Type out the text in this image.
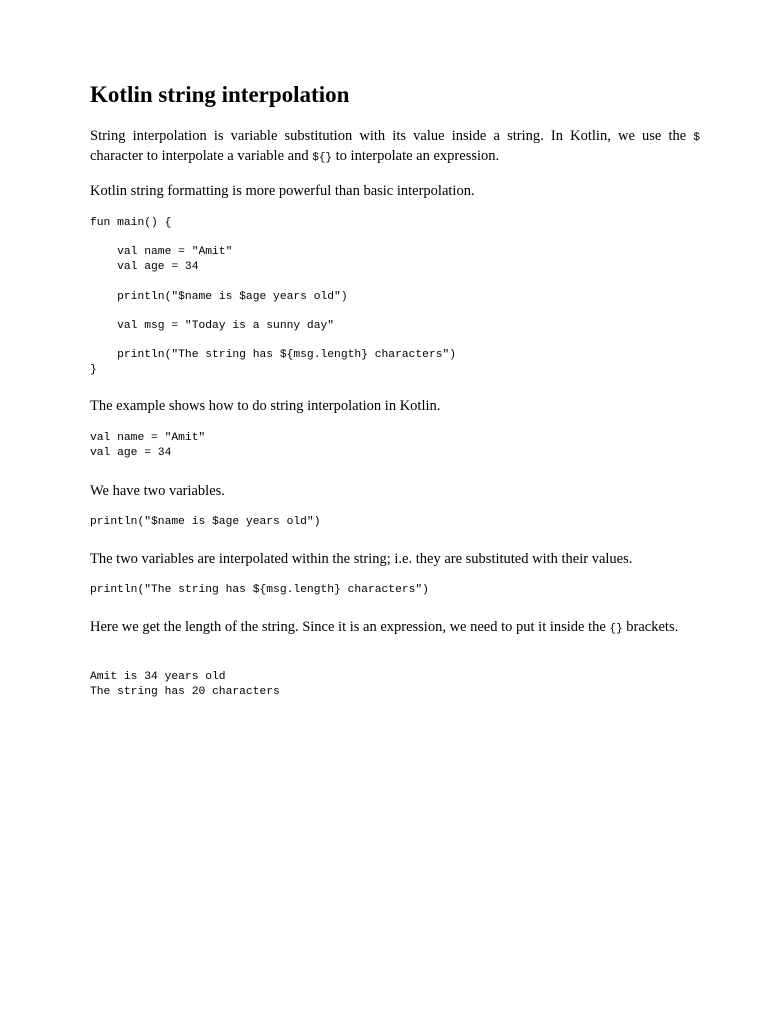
Kotlin string interpolation

String interpolation is variable substitution with its value inside a string. In Kotlin, we use the $ character to interpolate a variable and ${} to interpolate an expression.

Kotlin string formatting is more powerful than basic interpolation.

fun main() {

val name = "Amit"
val age = 34

println("$name is $age years old")

val msg = "Today is a sunny day"

println("The string has ${msg.length} characters")
}

The example shows how to do string interpolation in Kotlin.

val name = "Amit"
val age = 34

We have two variables.

println("$name is $age years old")

The two variables are interpolated within the string; i.e. they are substituted with their values.

println("The string has ${msg.length} characters")

Here we get the length of the string. Since it is an expression, we need to put it inside the {} brackets.

Amit is 34 years old
The string has 20 characters
